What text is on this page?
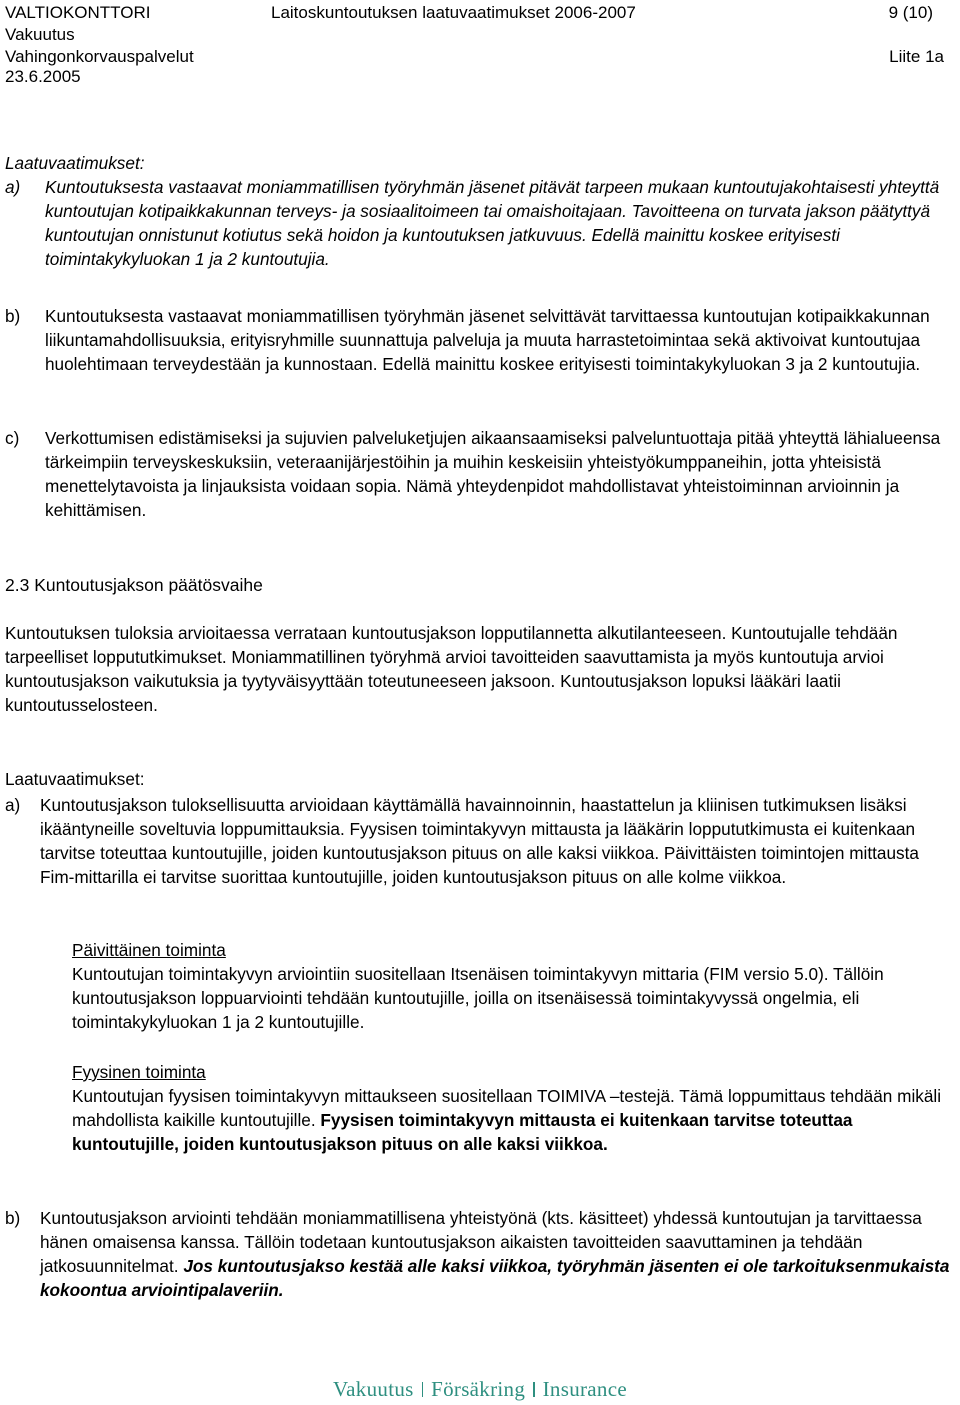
VALTIOKONTTORI
Vakuutus
Vahingonkorvauspalvelut
23.6.2005
Laitoskuntoutuksen laatuvaatimukset 2006-2007	9 (10)
Liite 1a

Laatuvaatimukset:

a)	Kuntoutuksesta vastaavat moniammatillisen työryhmän jäsenet pitävät tarpeen mukaan kuntoutujakohtaisesti yhteyttä kuntoutujan kotipaikkakunnan terveys- ja sosiaalitoimeen tai omaishoitajaan. Tavoitteena on turvata jakson päätyttyä kuntoutujan onnistunut kotiutus sekä hoidon ja kuntoutuksen jatkuvuus. Edellä mainittu koskee erityisesti toimintakykyluokan 1 ja 2 kuntoutujia.
b)	Kuntoutuksesta vastaavat moniammatillisen työryhmän jäsenet selvittävät tarvittaessa kuntoutujan kotipaikkakunnan liikuntamahdollisuuksia, erityisryhmille suunnattuja palveluja ja muuta harrastetoimintaa sekä aktivoivat kuntoutujaa huolehtimaan terveydestään ja kunnostaan. Edellä mainittu koskee erityisesti toimintakykyluokan 3 ja 2 kuntoutujia.
c)	Verkottumisen edistämiseksi ja sujuvien palveluketjujen aikaansaamiseksi palveluntuottaja pitää yhteyttä lähialueensa tärkeimpiin terveyskeskuksiin, veteraanijärjestöihin ja muihin keskeisiin yhteistyökumppaneihin, jotta yhteisistä menettelytavoista ja linjauksista voidaan sopia. Nämä yhteydenpidot mahdollistavat yhteistoiminnan arvioinnin ja kehittämisen.
2.3 Kuntoutusjakson päätösvaihe
Kuntoutuksen tuloksia arvioitaessa verrataan kuntoutusjakson lopputilannetta alkutilanteeseen. Kuntoutujalle tehdään tarpeelliset loppututkimukset. Moniammatillinen työryhmä arvioi tavoitteiden saavuttamista ja myös kuntoutuja arvioi kuntoutusjakson vaikutuksia ja tyytyväisyyttään toteutuneeseen jaksoon. Kuntoutusjakson lopuksi lääkäri laatii kuntoutusselosteen.
Laatuvaatimukset:
a)	Kuntoutusjakson tuloksellisuutta arvioidaan käyttämällä havainnoinnin, haastattelun ja kliinisen tutkimuksen lisäksi ikääntyneille soveltuvia loppumittauksia. Fyysisen toimintakyvyn mittausta ja lääkärin loppututkimusta ei kuitenkaan tarvitse toteuttaa kuntoutujille, joiden kuntoutusjakson pituus on alle kaksi viikkoa. Päivittäisten toimintojen mittausta Fim-mittarilla ei tarvitse suorittaa kuntoutujille, joiden kuntoutusjakson pituus on alle kolme viikkoa.

Päivittäinen toiminta

Kuntoutujan toimintakyvyn arviointiin suositellaan Itsenäisen toimintakyvyn mittaria (FIM versio 5.0). Tällöin kuntoutusjakson loppuarviointi tehdään kuntoutujille, joilla on itsenäisessä toimintakyvyssä ongelmia, eli toimintakykyluokan 1 ja 2 kuntoutujille.

Fyysinen toiminta

Kuntoutujan fyysisen toimintakyvyn mittaukseen suositellaan TOIMIVA –testejä. Tämä loppumittaus tehdään mikäli mahdollista kaikille kuntoutujille. Fyysisen toimintakyvyn mittausta ei kuitenkaan tarvitse toteuttaa kuntoutujille, joiden kuntoutusjakson pituus on alle kaksi viikkoa.

b)	Kuntoutusjakson arviointi tehdään moniammatillisena yhteistyönä (kts. käsitteet) yhdessä kuntoutujan ja tarvittaessa hänen omaisensa kanssa. Tällöin todetaan kuntoutusjakson aikaisten tavoitteiden saavuttaminen ja tehdään jatkosuunnitelmat. Jos kuntoutusjakso kestää alle kaksi viikkoa, työryhmän jäsenten ei ole tarkoituksenmukaista kokoontua arviointipalaveriin.
Vakuutus Försäkring Insurance
